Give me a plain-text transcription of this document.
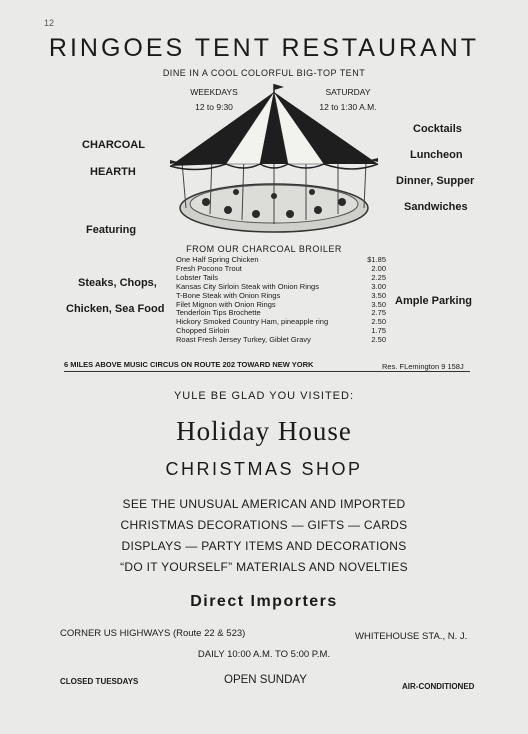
12
RINGOES TENT RESTAURANT
DINE IN A COOL COLORFUL BIG-TOP TENT
WEEKDAYS
12 to 9:30
SATURDAY
12 to 1:30 A.M.
CHARCOAL
HEARTH
Featuring
Steaks, Chops,
Chicken, Sea Food
Cocktails
Luncheon
Dinner, Supper
Sandwiches
Ample Parking
FROM OUR CHARCOAL BROILER
One Half Spring Chicken	$1.85
Fresh Pocono Trout	2.00
Lobster Tails	2.25
Kansas City Sirloin Steak with Onion Rings	3.00
T-Bone Steak with Onion Rings	3.50
Filet Mignon with Onion Rings	3.50
Tenderloin Tips Brochette	2.75
Hickory Smoked Country Ham, pineapple ring	2.50
Chopped Sirloin	1.75
Roast Fresh Jersey Turkey, Giblet Gravy	2.50
6 MILES ABOVE MUSIC CIRCUS ON ROUTE 202 TOWARD NEW YORK	Res. FLemington 9 158J
YULE BE GLAD YOU VISITED:
Holiday House
CHRISTMAS SHOP
SEE THE UNUSUAL AMERICAN AND IMPORTED
CHRISTMAS DECORATIONS — GIFTS — CARDS
DISPLAYS — PARTY ITEMS AND DECORATIONS
“DO IT YOURSELF” MATERIALS AND NOVELTIES
Direct Importers
CORNER US HIGHWAYS (Route 22 & 523)	WHITEHOUSE STA., N. J.
DAILY 10:00 A.M. TO 5:00 P.M.
CLOSED TUESDAYS	OPEN SUNDAY
AIR-CONDITIONED
